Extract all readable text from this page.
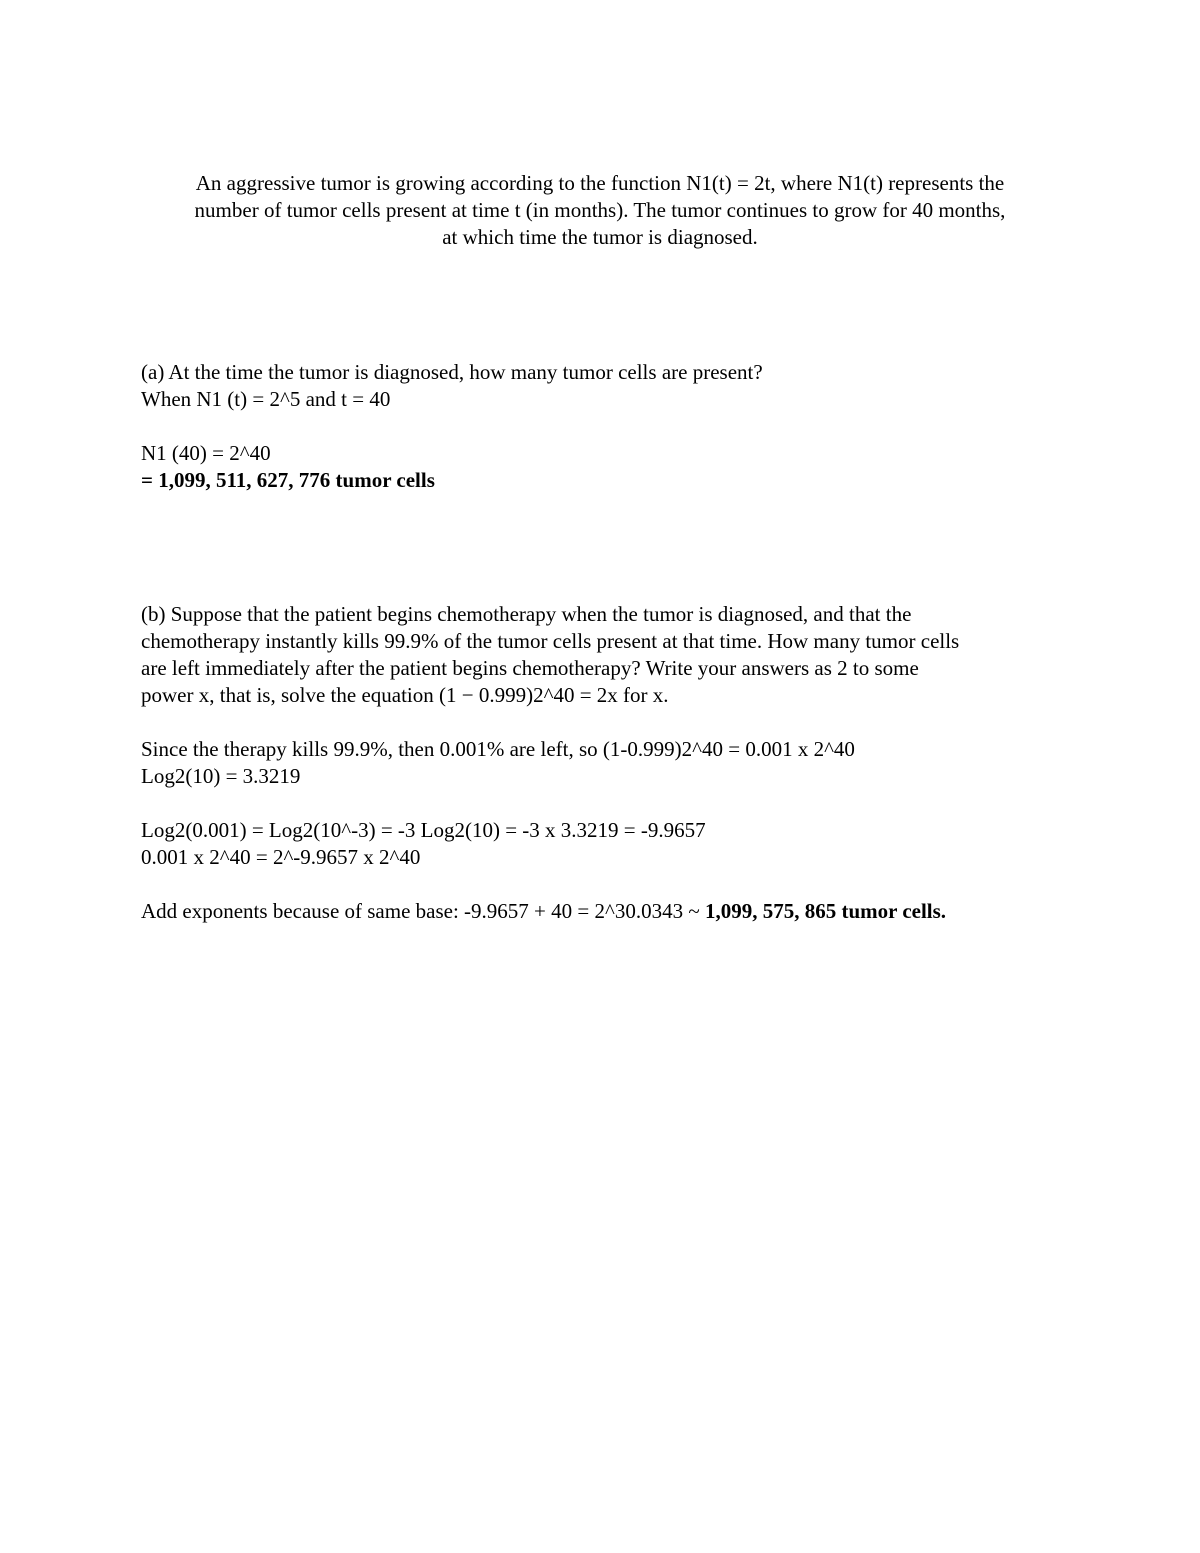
An aggressive tumor is growing according to the function N1(t) = 2t, where N1(t) represents the

number of tumor cells present at time t (in months). The tumor continues to grow for 40 months,

at which time the tumor is diagnosed.

(a) At the time the tumor is diagnosed, how many tumor cells are present?

When N1 (t) = 2^5 and t = 40

N1 (40) = 2^40

= 1,099, 511, 627, 776 tumor cells

(b) Suppose that the patient begins chemotherapy when the tumor is diagnosed, and that the

chemotherapy instantly kills 99.9% of the tumor cells present at that time. How many tumor cells

are left immediately after the patient begins chemotherapy? Write your answers as 2 to some

power x, that is, solve the equation (1 − 0.999)2^40 = 2x for x.

Since the therapy kills 99.9%, then 0.001% are left, so (1-0.999)2^40 = 0.001 x 2^40

Log2(10) = 3.3219

Log2(0.001) = Log2(10^-3) = -3 Log2(10) = -3 x 3.3219 = -9.9657

0.001 x 2^40 = 2^-9.9657 x 2^40

Add exponents because of same base: -9.9657 + 40 = 2^30.0343 ~ 1,099, 575, 865 tumor cells.
